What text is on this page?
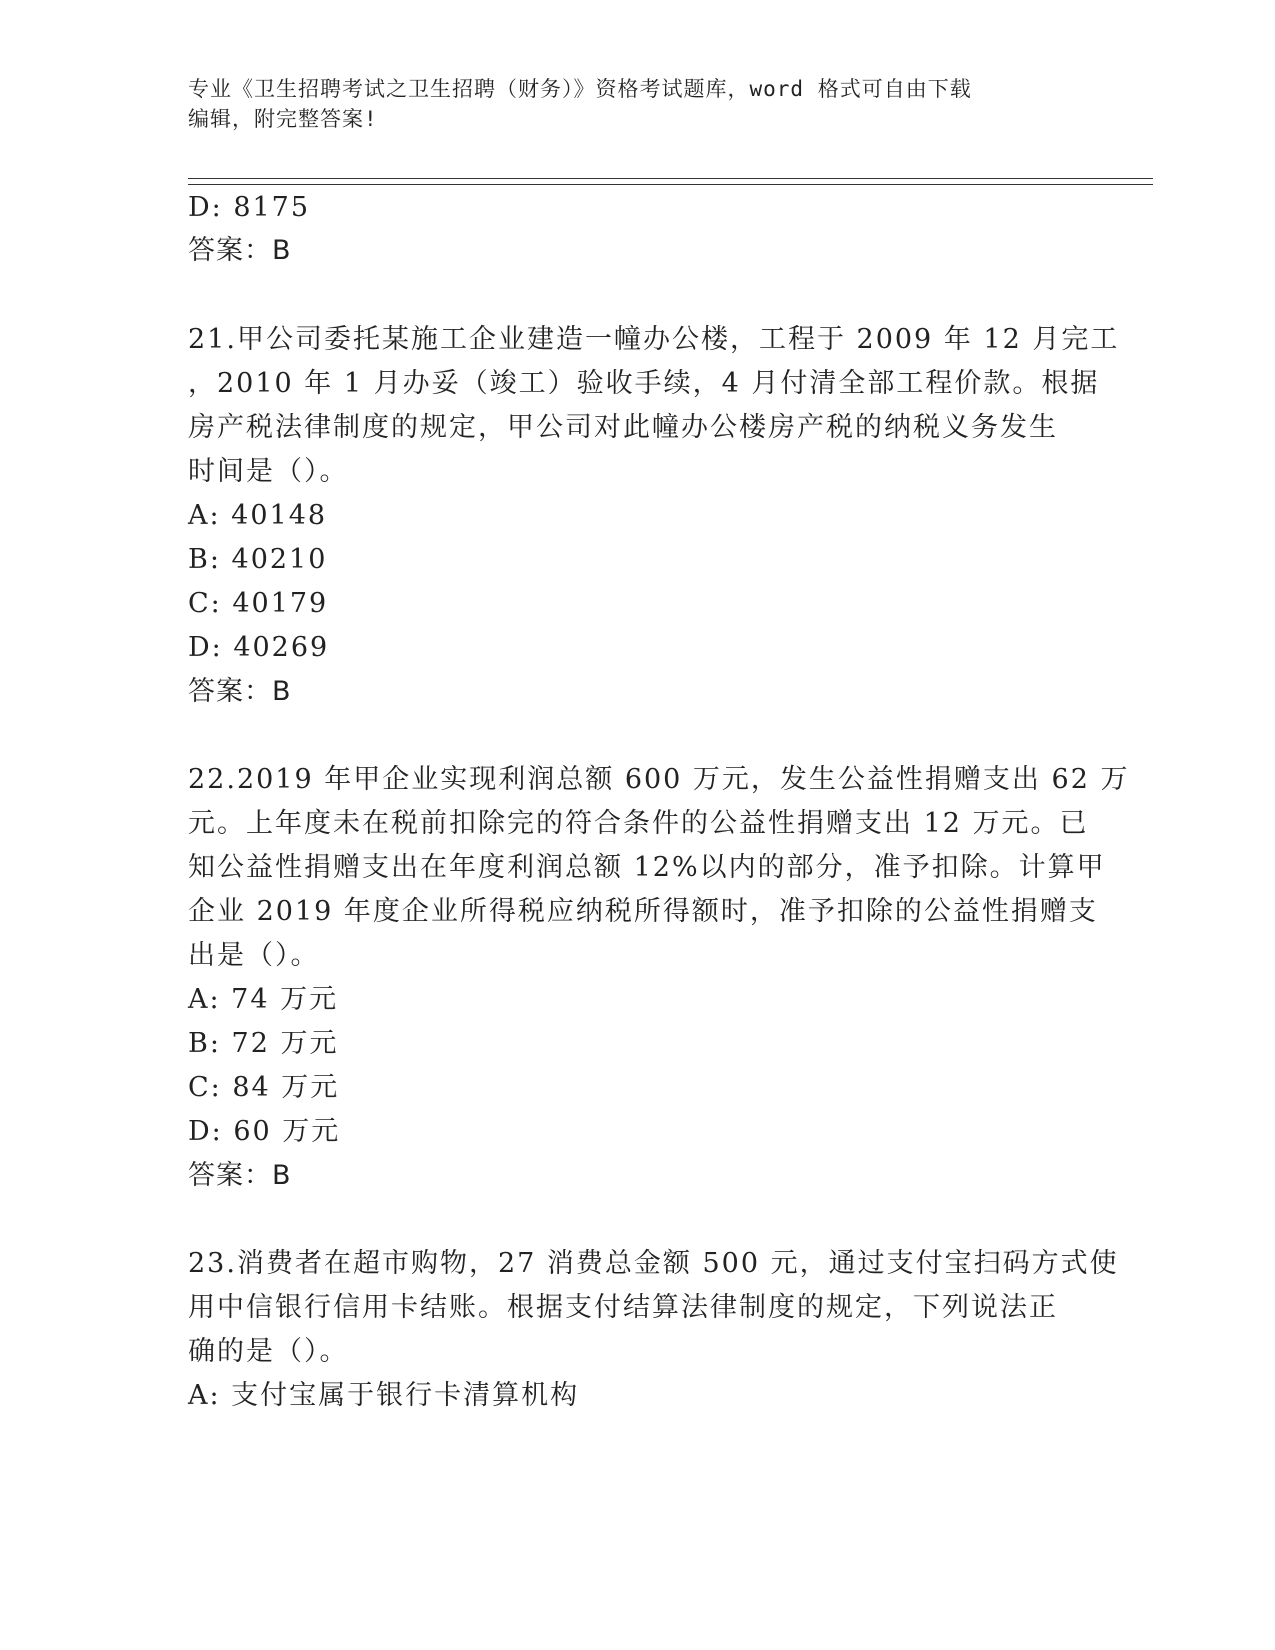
专业《卫生招聘考试之卫生招聘（财务）》资格考试题库，word 格式可自由下载
编辑，附完整答案!
D: 8175
答案：B
21.甲公司委托某施工企业建造一幢办公楼，工程于 2009 年 12 月完工
，2010 年 1 月办妥（竣工）验收手续，4 月付清全部工程价款。根据
房产税法律制度的规定，甲公司对此幢办公楼房产税的纳税义务发生
时间是（）。
A: 40148
B: 40210
C: 40179
D: 40269
答案：B
22.2019 年甲企业实现利润总额 600 万元，发生公益性捐赠支出 62 万
元。上年度未在税前扣除完的符合条件的公益性捐赠支出 12 万元。已
知公益性捐赠支出在年度利润总额 12%以内的部分，准予扣除。计算甲
企业 2019 年度企业所得税应纳税所得额时，准予扣除的公益性捐赠支
出是（）。
A: 74 万元
B: 72 万元
C: 84 万元
D: 60 万元
答案：B
23.消费者在超市购物，27 消费总金额 500 元，通过支付宝扫码方式使
用中信银行信用卡结账。根据支付结算法律制度的规定，下列说法正
确的是（）。
A: 支付宝属于银行卡清算机构
